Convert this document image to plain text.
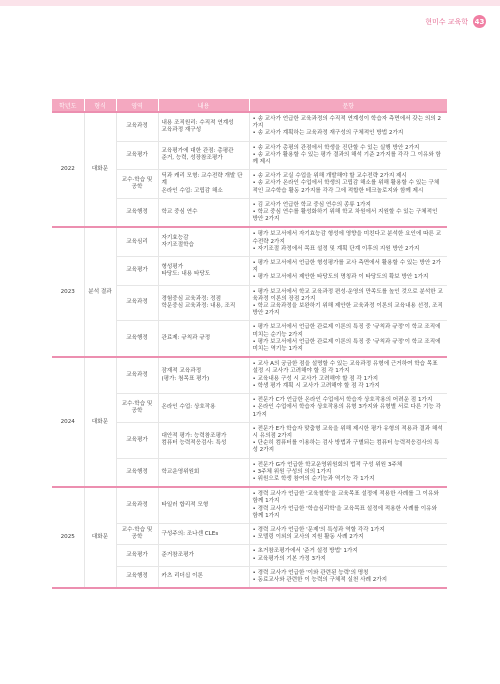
현미수 교육학 43
학년도	형식	영역	내용	문항
2022	대화문	교육과정	내용 조직원리: 수직적 연계성
교육과정 재구성	• 송 교사가 언급한 교육과정의 수직적 연계성이 학습자 측면에서 갖는 의의 2가지
• 송 교사가 계획하는 교육과정 재구성의 구체적인 방법 2가지

		교육평가	교육평가에 대한 관점: 총평관
준거, 능력, 성장참조평가	• 송 교사가 총평의 관점에서 학생을 진단할 수 있는 실행 방안 2가지
• 송 교사가 활용할 수 있는 평가 결과의 해석 기준 2가지를 각각 그 이유와 함께 제시

		교수·학습 및 공학	딕과 캐리 모형: 교수전략 개발 단계
온라인 수업: 고립감 해소	• 송 교사가 교실 수업을 위해 개발해야 할 교수전략 2가지 제시
• 송 교사가 온라인 수업에서 학생의 고립감 해소를 위해 활용할 수 있는 구체적인 교수학습 활동 2가지를 각각 그에 적합한 테크놀로지와 함께 제시

		교육행정	학교 중심 연수	• 김 교사가 언급한 학교 중심 연수의 종류 1가지
• 학교 중심 연수를 활성화하기 위해 학교 차원에서 지원할 수 있는 구체적인 방안 2가지

2023	분석 결과	교육심리	자기효능감
자기조절학습	• 평가 보고서에서 자기효능감 형성에 영향을 미친다고 분석한 요인에 따른 교수전략 2가지
• 자기조절 과정에서 목표 설정 및 계획 단계 이후의 지원 방안 2가지

		교육평가	형성평가
타당도: 내용 타당도	• 평가 보고서에서 언급한 형성평가를 교사 측면에서 활용할 수 있는 방안 2가지
• 평가 보고서에서 제안한 타당도의 명칭과 이 타당도의 확보 방안 1가지

		교육과정	경험중심 교육과정: 정점
학문중심 교육과정: 내용, 조직	• 평가 보고서에서 학교 교육과정 편성·운영의 만족도를 높인 것으로 분석한 교육과정 이론의 장점 2가지
• 학교 교육과정을 보완하기 위해 제안한 교육과정 이론의 교육내용 선정, 조직 방안 2가지

		교육행정	관료제: 규칙과 규정	• 평가 보고서에서 언급한 관료제 이론의 특징 중 '규칙과 규정'이 학교 조직에 미치는 순기능 2가지
• 평가 보고서에서 언급한 관료제 이론의 특징 중 '규칙과 규정'이 학교 조직에 미치는 역기능 1가지

2024	대화문	교육과정	잠재적 교육과정
(평가: 첨목표 평가)	• 교사 A의 궁금한 점을 설명할 수 있는 교육과정 유형에 근거하여 학습 목표 설정 시 교사가 고려해야 할 점 각 1가지
• 교육내용 구성 시 교사가 고려해야 할 점 각 1가지
• 학생 평가 계획 시 교사가 고려해야 할 점 각 1가지

		교수·학습 및 공학	온라인 수업: 상호작용	• 전문가 C가 언급한 온라인 수업에서 학습자 상호작용의 어려운 점 1가지
• 온라인 수업에서 학습자 상호작용의 유형 3가지와 유형별 서로 다른 기능 각 1가지

		교육평가	대안적 평가: 능력참조평가
컴퓨터 능력적응검사: 특성	• 전문가 E가 학습자 맞춤형 교육을 위해 제시한 평가 유형의 적용과 결과 해석 시 유의점 2가지
• 단순히 컴퓨터를 이용하는 검사 방법과 구별되는 컴퓨터 능력적응검사의 특성 2가지

		교육행정	학교운영위원회	• 전문가 G가 언급한 학교운영위원회의 법적 구성 위원 3주체
• 3주체 위원 구성의 의의 1가지
• 위원으로 학생 참여의 순기능과 역기능 각 1가지

2025	대화문	교육과정	타일러 합리적 모형	• 경력 교사가 언급한 '교육철학'을 교육목표 설정에 적용한 사례를 그 이유와 함께 1가지
• 경력 교사가 언급한 '학습심리학'을 교육목표 설정에 적용한 사례를 이유와 함께 1가지

		교수·학습 및 공학	구성주의: 조나센 CLEs	• 경력 교사가 언급한 '문제'의 특성과 역할 각각 1가지
• 모델링 이외의 교사의 지원 활동 사례 2가지

		교육평가	준거참조평가	• 초거참조평가에서 '준거 설정 방법' 1가지
• 교육평가의 기본 가정 3가지

		교육행정	카츠 리더십 이론	• 경력 교사가 언급한 '이와 관련된 능력'의 명칭
• 동료교사와 관련한 이 능력의 구체적 실천 사례 2가지
